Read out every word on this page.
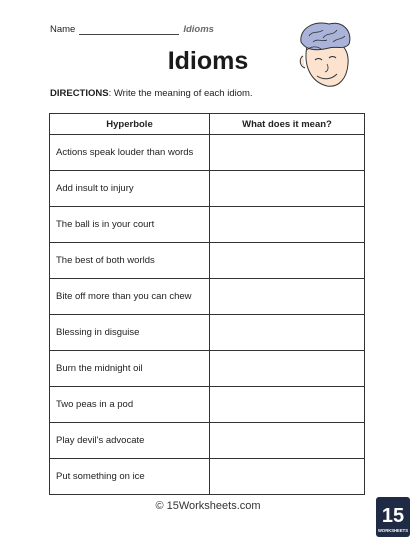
Name	Idioms
Idioms
DIRECTIONS: Write the meaning of each idiom.
Hyperbole	What does it mean?
Actions speak louder than words	
Add insult to injury	
The ball is in your court	
The best of both worlds	
Bite off more than you can chew	
Blessing in disguise	
Burn the midnight oil	
Two peas in a pod	
Play devil's advocate	
Put something on ice	
© 15Worksheets.com	15
WORKSHEETS
